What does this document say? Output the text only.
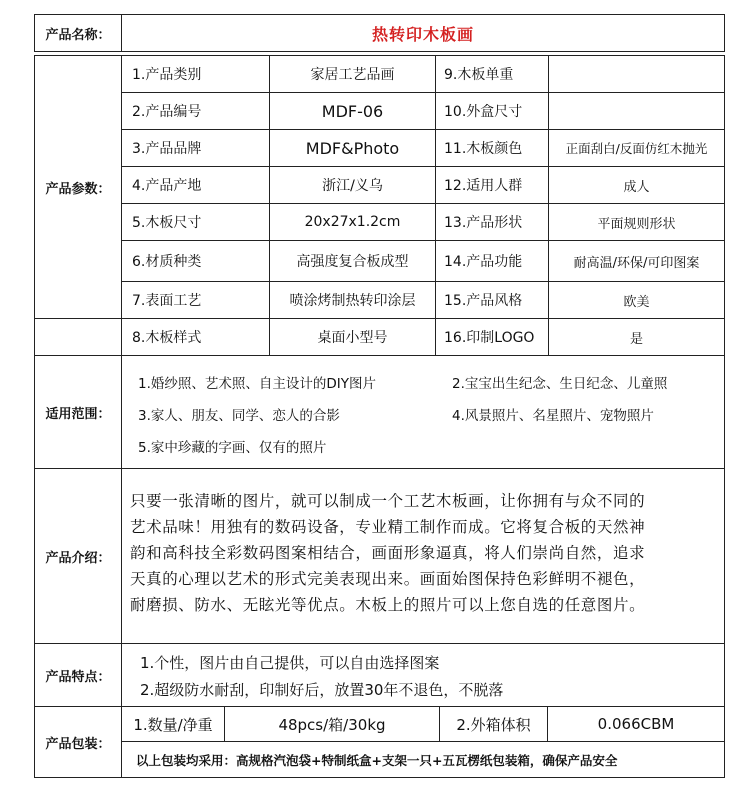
产品名称：	热转印木板画
产品参数：
1.产品类别	家居工艺品画	9.木板单重
2.产品编号	MDF-06	10.外盒尺寸
3.产品品牌	MDF&Photo	11.木板颜色	正面刮白/反面仿红木抛光
4.产品产地	浙江/义乌	12.适用人群	成人
5.木板尺寸	20x27x1.2cm	13.产品形状	平面规则形状
6.材质种类	高强度复合板成型	14.产品功能	耐高温/环保/可印图案
7.表面工艺	喷涂烤制热转印涂层	15.产品风格	欧美
8.木板样式	桌面小型号	16.印制LOGO	是
适用范围：
1.婚纱照、艺术照、自主设计的DIY图片	2.宝宝出生纪念、生日纪念、儿童照
3.家人、朋友、同学、恋人的合影	4.风景照片、名星照片、宠物照片
5.家中珍藏的字画、仅有的照片
产品介绍：
只要一张清晰的图片，就可以制成一个工艺木板画，让你拥有与众不同的
艺术品味！用独有的数码设备，专业精工制作而成。它将复合板的天然神
韵和高科技全彩数码图案相结合，画面形象逼真，将人们崇尚自然，追求
天真的心理以艺术的形式完美表现出来。画面始图保持色彩鲜明不褪色，
耐磨损、防水、无眩光等优点。木板上的照片可以上您自选的任意图片。
产品特点：
1.个性，图片由自己提供，可以自由选择图案
2.超级防水耐刮，印制好后，放置30年不退色，不脱落
产品包装：
1.数量/净重	48pcs/箱/30kg	2.外箱体积	0.066CBM
以上包装均采用：高规格汽泡袋+特制纸盒+支架一只+五瓦楞纸包装箱，确保产品安全
